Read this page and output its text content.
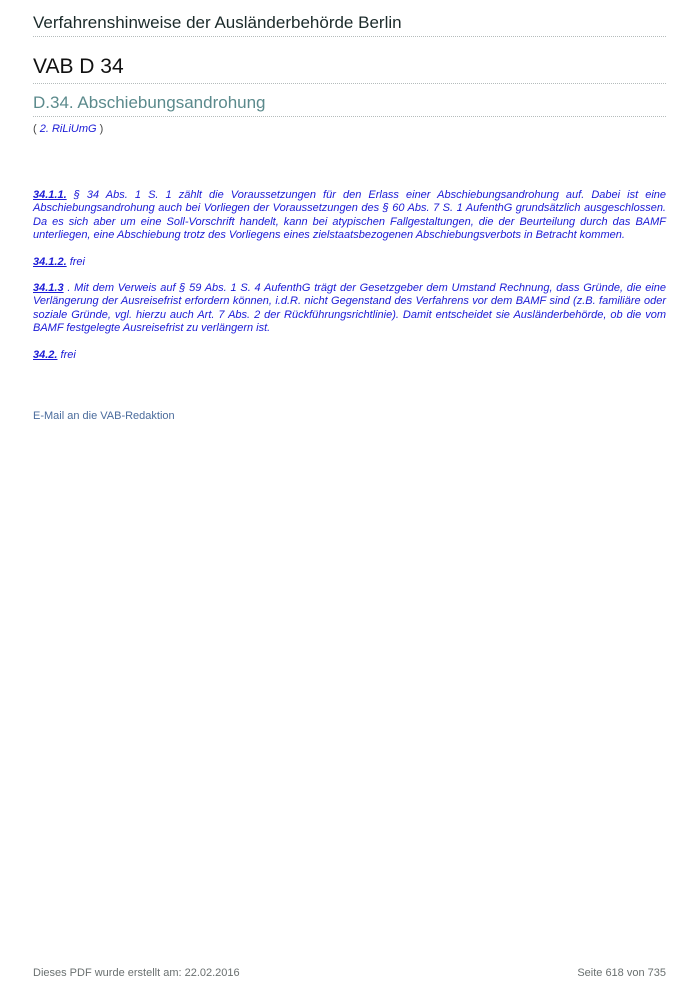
Verfahrenshinweise der Ausländerbehörde Berlin
VAB D 34
D.34. Abschiebungsandrohung
( 2. RiLiUmG )

34.1.1. § 34 Abs. 1 S. 1 zählt die Voraussetzungen für den Erlass einer Abschiebungsandrohung auf. Dabei ist eine Abschiebungsandrohung auch bei Vorliegen der Voraussetzungen des § 60 Abs. 7 S. 1 AufenthG grundsätzlich ausgeschlossen. Da es sich aber um eine Soll-Vorschrift handelt, kann bei atypischen Fallgestaltungen, die der Beurteilung durch das BAMF unterliegen, eine Abschiebung trotz des Vorliegens eines zielstaatsbezogenen Abschiebungsverbots in Betracht kommen.

34.1.2. frei

34.1.3 . Mit dem Verweis auf § 59 Abs. 1 S. 4 AufenthG trägt der Gesetzgeber dem Umstand Rechnung, dass Gründe, die eine Verlängerung der Ausreisefrist erfordern können, i.d.R. nicht Gegenstand des Verfahrens vor dem BAMF sind (z.B. familiäre oder soziale Gründe, vgl. hierzu auch Art. 7 Abs. 2 der Rückführungsrichtlinie). Damit entscheidet sie Ausländerbehörde, ob die vom BAMF festgelegte Ausreisefrist zu verlängern ist.

34.2. frei

E-Mail an die VAB-Redaktion
Dieses PDF wurde erstellt am: 22.02.2016	Seite 618 von 735
